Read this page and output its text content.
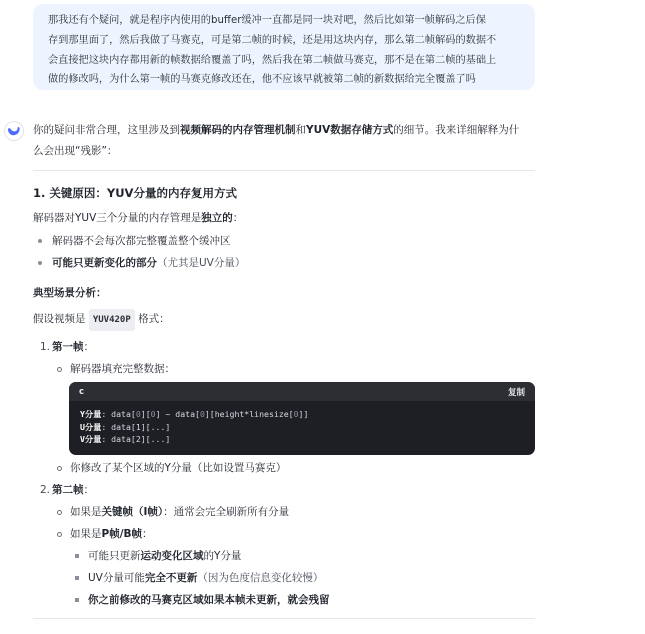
那我还有个疑问，就是程序内使用的buffer缓冲一直都是同一块对吧，然后比如第一帧解码之后保
存到那里面了，然后我做了马赛克，可是第二帧的时候，还是用这块内存，那么第二帧解码的数据不
会直接把这块内存都用新的帧数据给覆盖了吗，然后我在第二帧做马赛克，那不是在第二帧的基础上
做的修改吗，为什么第一帧的马赛克修改还在，他不应该早就被第二帧的新数据给完全覆盖了吗
你的疑问非常合理，这里涉及到视频解码的内存管理机制和YUV数据存储方式的细节。我来详细解释为什
么会出现“残影”：
1. 关键原因：YUV分量的内存复用方式
解码器对YUV三个分量的内存管理是独立的：
解码器不会每次都完整覆盖整个缓冲区
可能只更新变化的部分（尤其是UV分量）
典型场景分析：
假设视频是 YUV420P 格式：
1. 第一帧：
解码器填充完整数据：
c	复制
Y分量: data[0][0] ~ data[0][height*linesize[0]]
U分量: data[1][...]
V分量: data[2][...]
你修改了某个区域的Y分量（比如设置马赛克）
2. 第二帧：
如果是关键帧（I帧）：通常会完全刷新所有分量
如果是P帧/B帧：
可能只更新运动变化区域的Y分量
UV分量可能完全不更新（因为色度信息变化较慢）
你之前修改的马赛克区域如果本帧未更新，就会残留
